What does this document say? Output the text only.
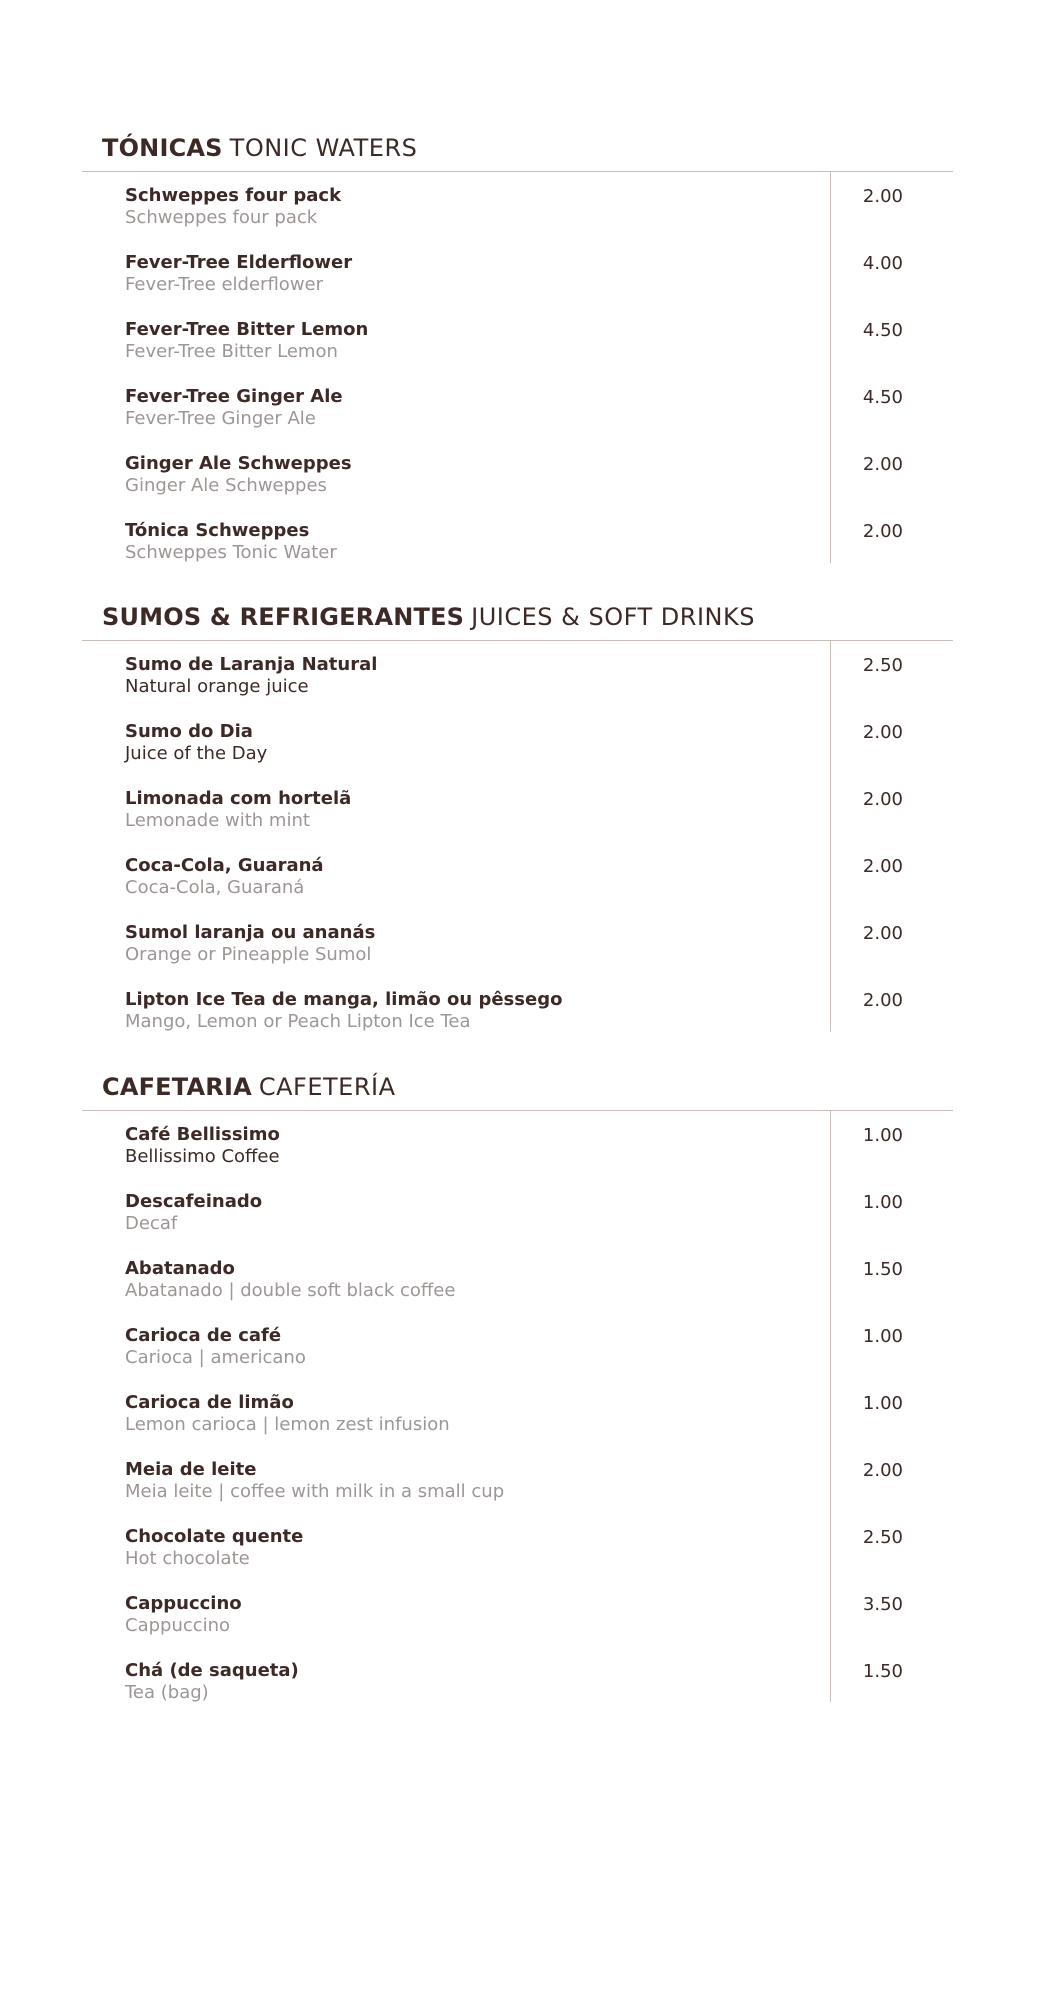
TÓNICAS TONIC WATERS
Schweppes four pack
Schweppes four pack
2.00
Fever-Tree Elderflower
Fever-Tree elderflower
4.00
Fever-Tree Bitter Lemon
Fever-Tree Bitter Lemon
4.50
Fever-Tree Ginger Ale
Fever-Tree Ginger Ale
4.50
Ginger Ale Schweppes
Ginger Ale Schweppes
2.00
Tónica Schweppes
Schweppes Tonic Water
2.00
SUMOS & REFRIGERANTES JUICES & SOFT DRINKS
Sumo de Laranja Natural
Natural orange juice
2.50
Sumo do Dia
Juice of the Day
2.00
Limonada com hortelã
Lemonade with mint
2.00
Coca-Cola, Guaraná
Coca-Cola, Guaraná
2.00
Sumol laranja ou ananás
Orange or Pineapple Sumol
2.00
Lipton Ice Tea de manga, limão ou pêssego
Mango, Lemon or Peach Lipton Ice Tea
2.00
CAFETARIA CAFETERÍA
Café Bellissimo
Bellissimo Coffee
1.00
Descafeinado
Decaf
1.00
Abatanado
Abatanado | double soft black coffee
1.50
Carioca de café
Carioca | americano
1.00
Carioca de limão
Lemon carioca | lemon zest infusion
1.00
Meia de leite
Meia leite | coffee with milk in a small cup
2.00
Chocolate quente
Hot chocolate
2.50
Cappuccino
Cappuccino
3.50
Chá (de saqueta)
Tea (bag)
1.50
